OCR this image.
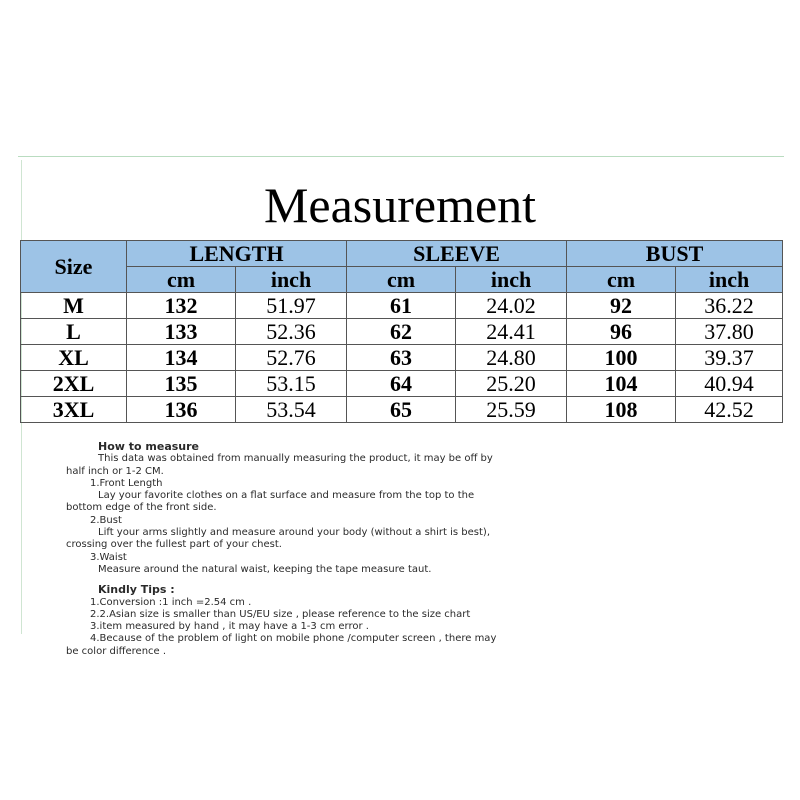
Measurement
Size	LENGTH		SLEEVE		BUST	
	cm	inch	cm	inch	cm	inch
M	132	51.97	61	24.02	92	36.22
L	133	52.36	62	24.41	96	37.80
XL	134	52.76	63	24.80	100	39.37
2XL	135	53.15	64	25.20	104	40.94
3XL	136	53.54	65	25.59	108	42.52
How to measure
This data was obtained from manually measuring the product, it may be off by
half inch or 1-2 CM.
1.Front Length
Lay your favorite clothes on a flat surface and measure from the top to the
bottom edge of the front side.
2.Bust
Lift your arms slightly and measure around your body (without a shirt is best),
crossing over the fullest part of your chest.
3.Waist
Measure around the natural waist, keeping the tape measure taut.
Kindly Tips :
1.Conversion :1 inch =2.54 cm .
2.2.Asian size is smaller than US/EU size , please reference to the size chart
3.item measured by hand , it may have a 1-3 cm error .
4.Because of the problem of light on mobile phone /computer screen , there may
be color difference .
